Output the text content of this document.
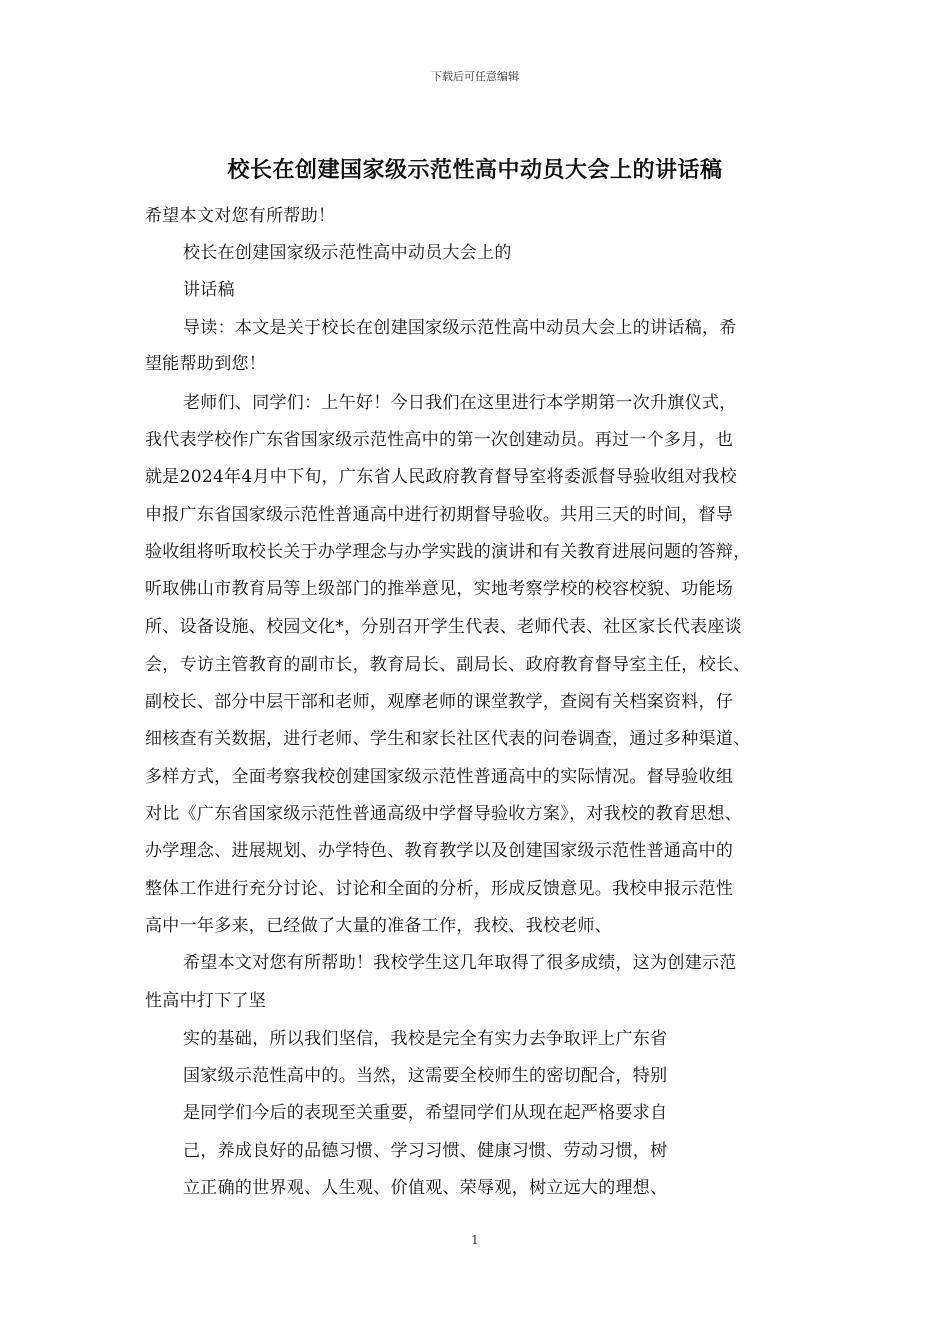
下载后可任意编辑
校长在创建国家级示范性高中动员大会上的讲话稿
希望本文对您有所帮助！
校长在创建国家级示范性高中动员大会上的
讲话稿
导读：本文是关于校长在创建国家级示范性高中动员大会上的讲话稿，希
望能帮助到您！
老师们、同学们：上午好！今日我们在这里进行本学期第一次升旗仪式，
我代表学校作广东省国家级示范性高中的第一次创建动员。再过一个多月，也
就是2024年4月中下旬，广东省人民政府教育督导室将委派督导验收组对我校
申报广东省国家级示范性普通高中进行初期督导验收。共用三天的时间，督导
验收组将听取校长关于办学理念与办学实践的演讲和有关教育进展问题的答辩，
听取佛山市教育局等上级部门的推举意见，实地考察学校的校容校貌、功能场
所、设备设施、校园文化*，分别召开学生代表、老师代表、社区家长代表座谈
会，专访主管教育的副市长，教育局长、副局长、政府教育督导室主任，校长、
副校长、部分中层干部和老师，观摩老师的课堂教学，查阅有关档案资料，仔
细核查有关数据，进行老师、学生和家长社区代表的问卷调查，通过多种渠道、
多样方式，全面考察我校创建国家级示范性普通高中的实际情况。督导验收组
对比《广东省国家级示范性普通高级中学督导验收方案》，对我校的教育思想、
办学理念、进展规划、办学特色、教育教学以及创建国家级示范性普通高中的
整体工作进行充分讨论、讨论和全面的分析，形成反馈意见。我校申报示范性
高中一年多来，已经做了大量的准备工作，我校、我校老师、
希望本文对您有所帮助！我校学生这几年取得了很多成绩，这为创建示范
性高中打下了坚
实的基础，所以我们坚信，我校是完全有实力去争取评上广东省
国家级示范性高中的。当然，这需要全校师生的密切配合，特别
是同学们今后的表现至关重要，希望同学们从现在起严格要求自
己，养成良好的品德习惯、学习习惯、健康习惯、劳动习惯，树
立正确的世界观、人生观、价值观、荣辱观，树立远大的理想、
1
